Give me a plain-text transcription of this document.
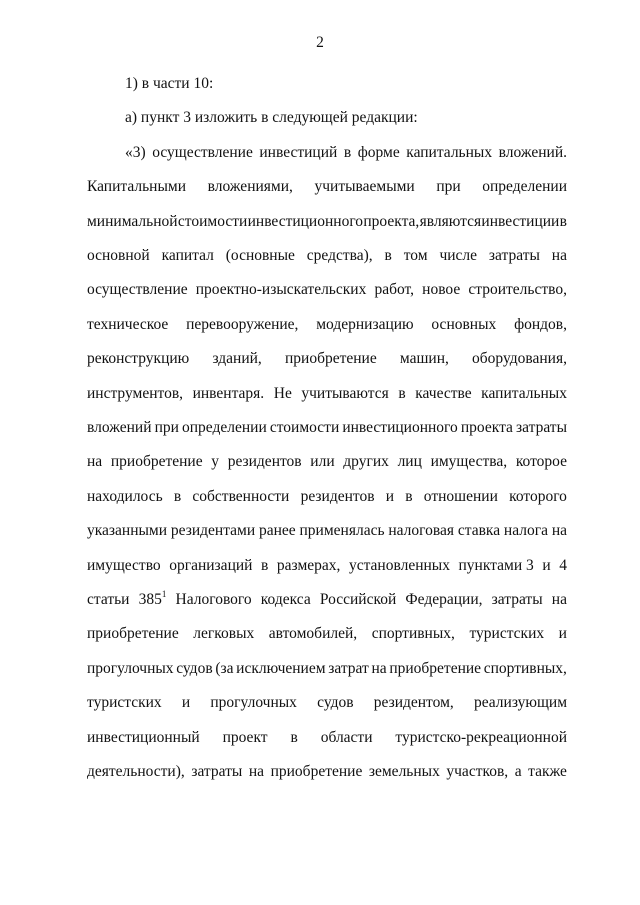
2
1) в части 10:
а) пункт 3 изложить в следующей редакции:
«3) осуществление инвестиций в форме капитальных вложений.
Капитальными вложениями, учитываемыми при определении
минимальной стоимости инвестиционного проекта, являются инвестиции в
основной капитал (основные средства), в том числе затраты на
осуществление проектно-изыскательских работ, новое строительство,
техническое перевооружение, модернизацию основных фондов,
реконструкцию зданий, приобретение машин, оборудования,
инструментов, инвентаря. Не учитываются в качестве капитальных
вложений при определении стоимости инвестиционного проекта затраты
на приобретение у резидентов или других лиц имущества, которое
находилось в собственности резидентов и в отношении которого
указанными резидентами ранее применялась налоговая ставка налога на
имущество организаций в размерах, установленных пунктами 3 и 4
статьи $385^1$ Налогового кодекса Российской Федерации, затраты на
приобретение легковых автомобилей, спортивных, туристских и
прогулочных судов (за исключением затрат на приобретение спортивных,
туристских и прогулочных судов резидентом, реализующим
инвестиционный проект в области туристско-рекреационной
деятельности), затраты на приобретение земельных участков, а также
